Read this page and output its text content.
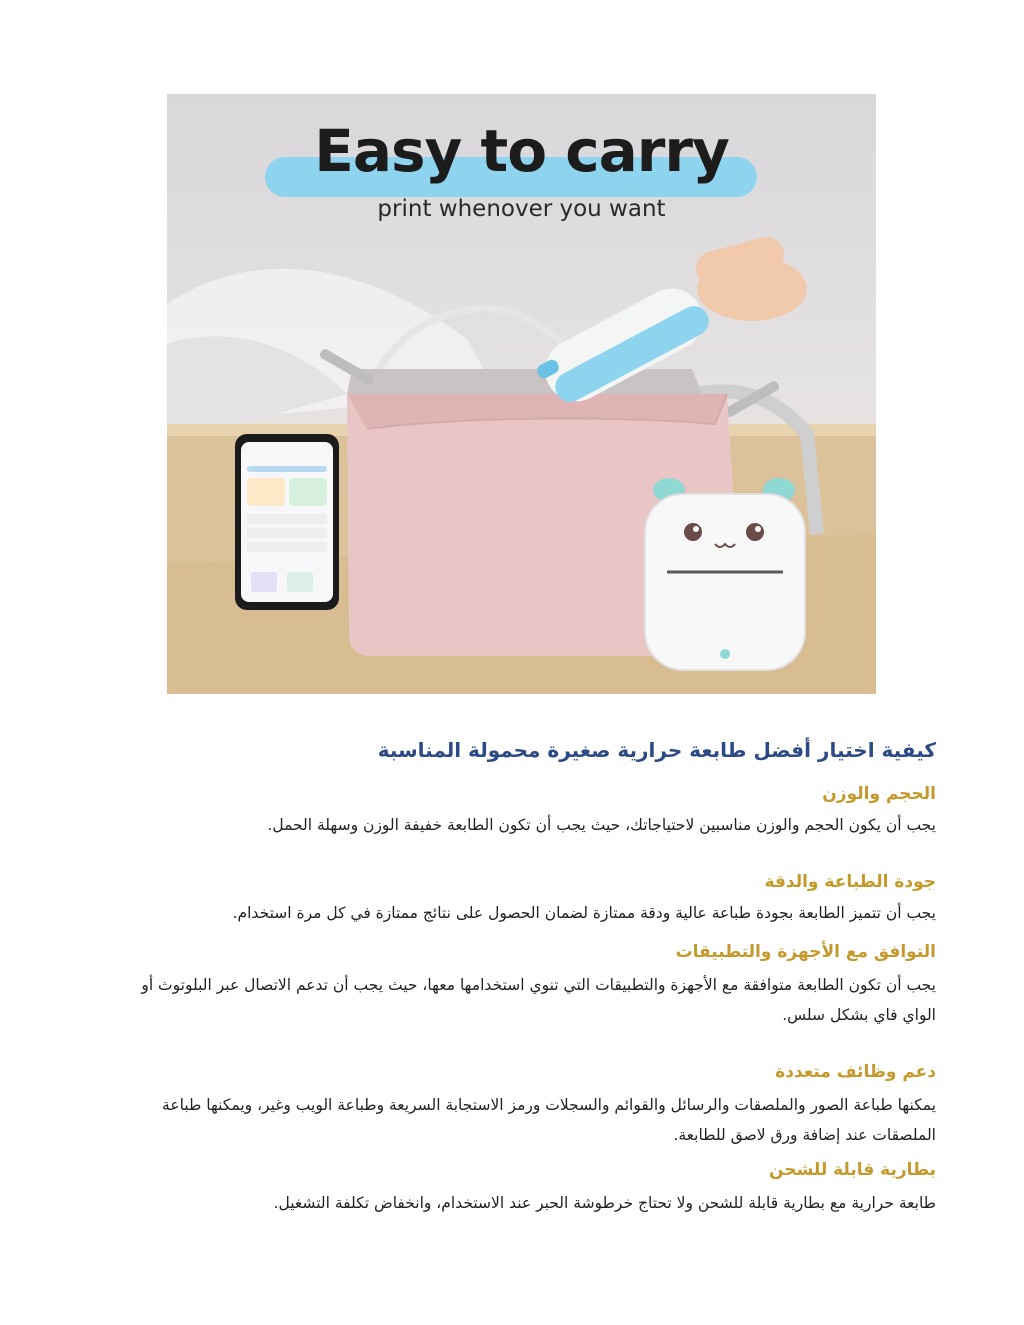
Easy to carry
print whenover you want
كيفية اختيار أفضل طابعة حرارية صغيرة محمولة المناسبة
الحجم والوزن

يجب أن يكون الحجم والوزن مناسبين لاحتياجاتك، حيث يجب أن تكون الطابعة خفيفة الوزن وسهلة الحمل.

جودة الطباعة والدقة

يجب أن تتميز الطابعة بجودة طباعة عالية ودقة ممتازة لضمان الحصول على نتائج ممتازة في كل مرة استخدام.

التوافق مع الأجهزة والتطبيقات

يجب أن تكون الطابعة متوافقة مع الأجهزة والتطبيقات التي تنوي استخدامها معها، حيث يجب أن تدعم الاتصال عبر البلوتوث أو الواي فاي بشكل سلس.

دعم وظائف متعددة

يمكنها طباعة الصور والملصقات والرسائل والقوائم والسجلات ورمز الاستجابة السريعة وطباعة الويب وغير، ويمكنها طباعة الملصقات عند إضافة ورق لاصق للطابعة.

بطارية قابلة للشحن

طابعة حرارية مع بطارية قابلة للشحن ولا تحتاج خرطوشة الحبر عند الاستخدام، وانخفاض تكلفة التشغيل.
